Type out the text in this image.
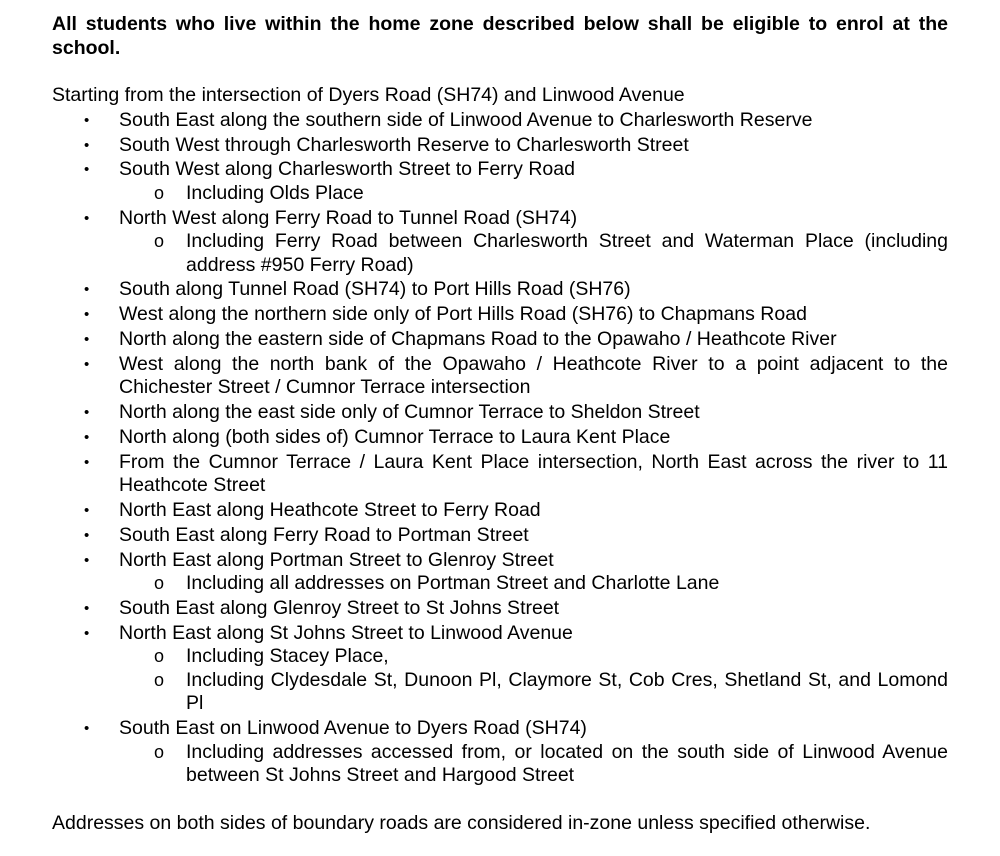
All students who live within the home zone described below shall be eligible to enrol at the school.

Starting from the intersection of Dyers Road (SH74) and Linwood Avenue

• South East along the southern side of Linwood Avenue to Charlesworth Reserve
• South West through Charlesworth Reserve to Charlesworth Street
• South West along Charlesworth Street to Ferry Road
o Including Olds Place
• North West along Ferry Road to Tunnel Road (SH74)
o Including Ferry Road between Charlesworth Street and Waterman Place (including address #950 Ferry Road)
• South along Tunnel Road (SH74) to Port Hills Road (SH76)
• West along the northern side only of Port Hills Road (SH76) to Chapmans Road
• North along the eastern side of Chapmans Road to the Opawaho / Heathcote River
• West along the north bank of the Opawaho / Heathcote River to a point adjacent to the Chichester Street / Cumnor Terrace intersection
• North along the east side only of Cumnor Terrace to Sheldon Street
• North along (both sides of) Cumnor Terrace to Laura Kent Place
• From the Cumnor Terrace / Laura Kent Place intersection, North East across the river to 11 Heathcote Street
• North East along Heathcote Street to Ferry Road
• South East along Ferry Road to Portman Street
• North East along Portman Street to Glenroy Street
o Including all addresses on Portman Street and Charlotte Lane
• South East along Glenroy Street to St Johns Street
• North East along St Johns Street to Linwood Avenue
o Including Stacey Place,
o Including Clydesdale St, Dunoon Pl, Claymore St, Cob Cres, Shetland St, and Lomond Pl
• South East on Linwood Avenue to Dyers Road (SH74)
o Including addresses accessed from, or located on the south side of Linwood Avenue between St Johns Street and Hargood Street

Addresses on both sides of boundary roads are considered in-zone unless specified otherwise.
